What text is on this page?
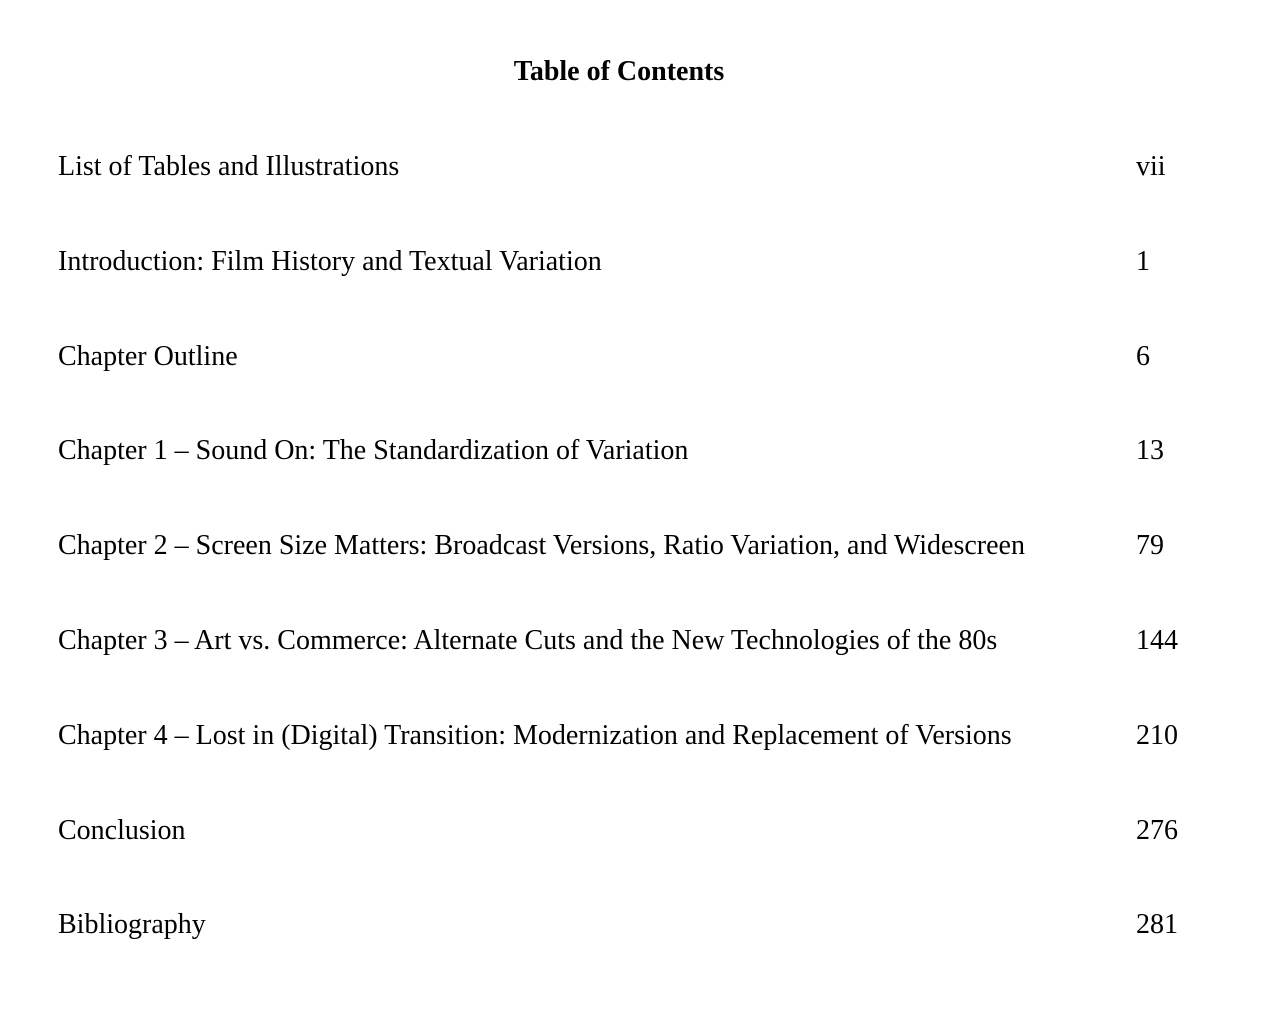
Table of Contents
List of Tables and Illustrations	vii
Introduction: Film History and Textual Variation	1
Chapter Outline	6
Chapter 1 – Sound On: The Standardization of Variation	13
Chapter 2 – Screen Size Matters: Broadcast Versions, Ratio Variation, and Widescreen	79
Chapter 3 – Art vs. Commerce: Alternate Cuts and the New Technologies of the 80s	144
Chapter 4 – Lost in (Digital) Transition: Modernization and Replacement of Versions	210
Conclusion	276
Bibliography	281
